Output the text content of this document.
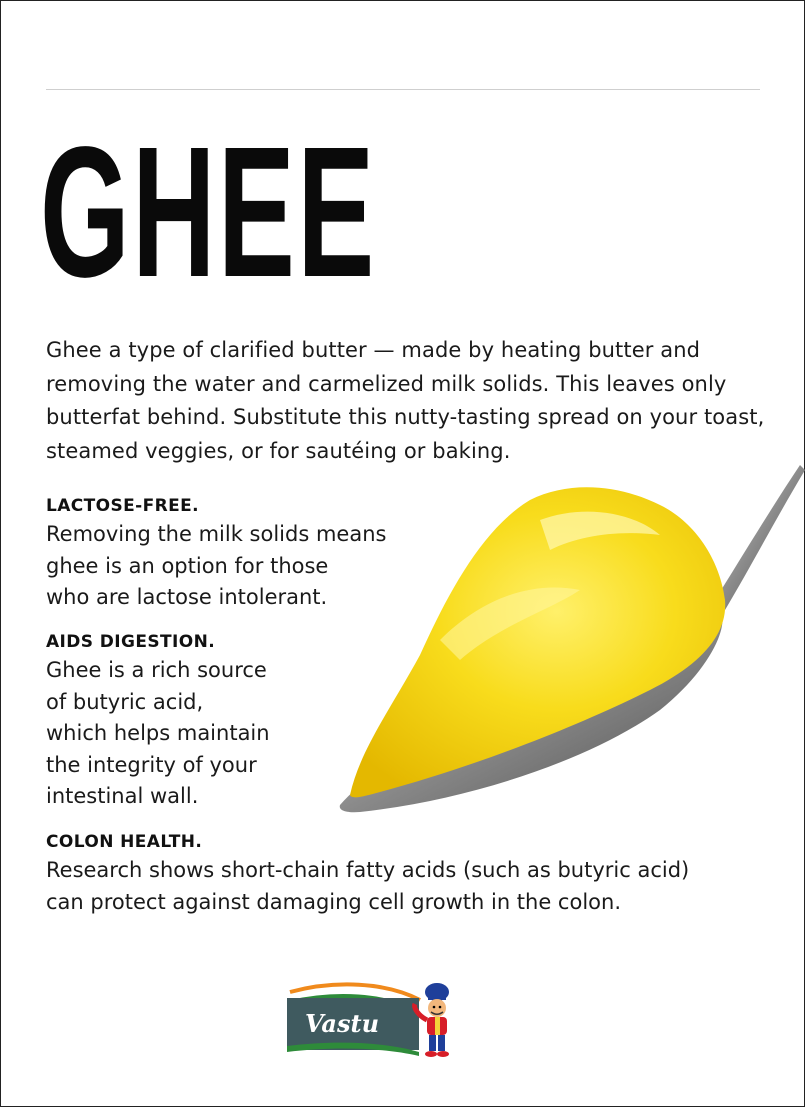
GHEE
Ghee a type of clarified butter — made by heating butter and removing the water and carmelized milk solids. This leaves only butterfat behind. Substitute this nutty-tasting spread on your toast, steamed veggies, or for sautéing or baking.
LACTOSE-FREE.
Removing the milk solids means
ghee is an option for those
who are lactose intolerant.
AIDS DIGESTION.
Ghee is a rich source
of butyric acid,
which helps maintain
the integrity of your
intestinal wall.
COLON HEALTH.
Research shows short-chain fatty acids (such as butyric acid)
can protect against damaging cell growth in the colon.
Vastu
